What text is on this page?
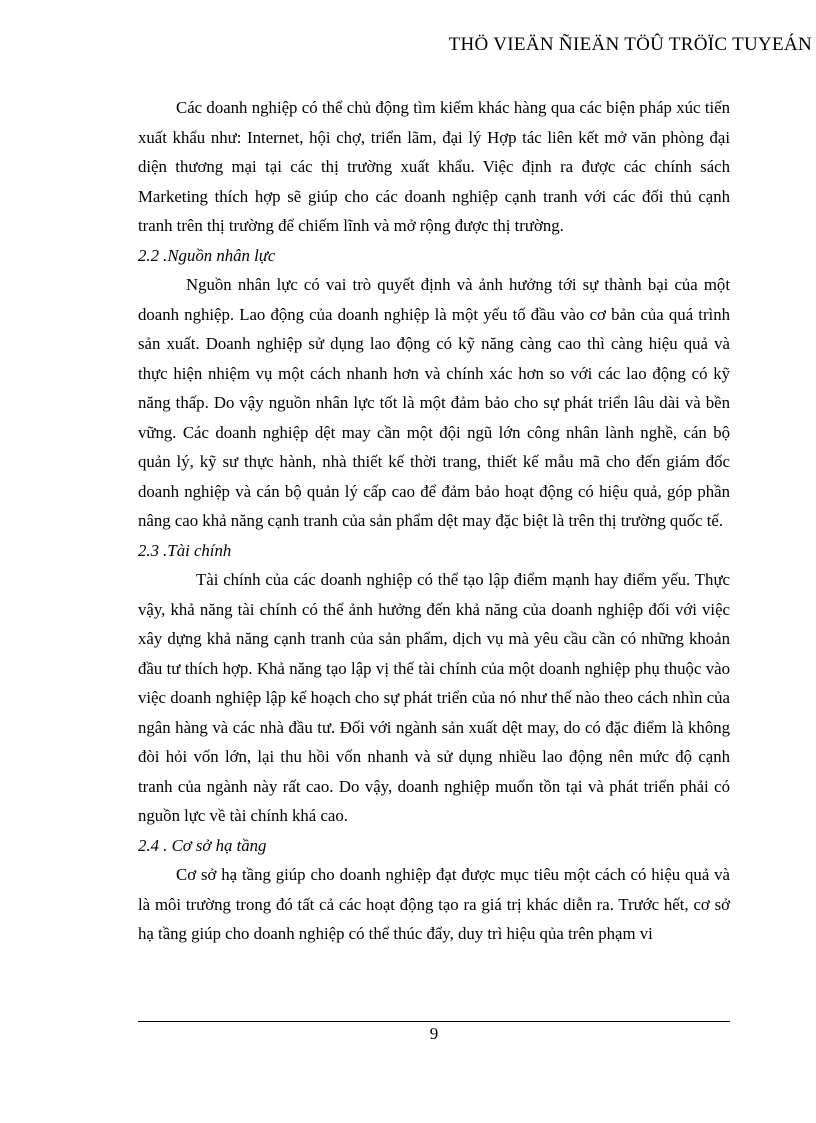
THÖ VIEÄN ÑIEÄN TÖÛ TRÖÏC TUYEÁN

Các doanh nghiệp có thể chủ động tìm kiếm khác hàng qua các biện pháp xúc tiến xuất khẩu như: Internet, hội chợ, triển lãm, đại lý Hợp tác liên kết mở văn phòng đại diện thương mại tại các thị trường xuất khẩu. Việc định ra được các chính sách Marketing thích hợp sẽ giúp cho các doanh nghiệp cạnh tranh với các đối thủ cạnh tranh trên thị trường để chiếm lĩnh và mở rộng được thị trường.

2.2 .Nguồn nhân lực

Nguồn nhân lực có vai trò quyết định và ảnh hưởng tới sự thành bại của một doanh nghiệp. Lao động của doanh nghiệp là một yếu tố đầu vào cơ bản của quá trình sản xuất. Doanh nghiệp sử dụng lao động có kỹ năng càng cao thì càng hiệu quả và thực hiện nhiệm vụ một cách nhanh hơn và chính xác hơn so với các lao động có kỹ năng thấp. Do vậy nguồn nhân lực tốt là một đảm bảo cho sự phát triển lâu dài và bền vững. Các doanh nghiệp dệt may cần một đội ngũ lớn công nhân lành nghề, cán bộ quản lý, kỹ sư thực hành, nhà thiết kế thời trang, thiết kế mẫu mã cho đến giám đốc doanh nghiệp và cán bộ quản lý cấp cao để đảm bảo hoạt động có hiệu quả, góp phần nâng cao khả năng cạnh tranh của sản phẩm dệt may đặc biệt là trên thị trường quốc tế.

2.3 .Tài chính

Tài chính của các doanh nghiệp có thể tạo lập điểm mạnh hay điểm yếu. Thực vậy, khả năng tài chính có thể ảnh hưởng đến khả năng của doanh nghiệp đối với việc xây dựng khả năng cạnh tranh của sản phẩm, dịch vụ mà yêu cầu cần có những khoản đầu tư thích hợp. Khả năng tạo lập vị thế tài chính của một doanh nghiệp phụ thuộc vào việc doanh nghiệp lập kế hoạch cho sự phát triển của nó như thế nào theo cách nhìn của ngân hàng và các nhà đầu tư. Đối với ngành sản xuất dệt may, do có đặc điểm là không đòi hỏi vốn lớn, lại thu hồi vốn nhanh và sử dụng nhiều lao động nên mức độ cạnh tranh của ngành này rất cao. Do vậy, doanh nghiệp muốn tồn tại và phát triển phải có nguồn lực về tài chính khá cao.

2.4 . Cơ sở hạ tầng

Cơ sở hạ tầng giúp cho doanh nghiệp đạt được mục tiêu một cách có hiệu quả và là môi trường trong đó tất cả các hoạt động tạo ra giá trị khác diễn ra. Trước hết, cơ sở hạ tầng giúp cho doanh nghiệp có thể thúc đẩy, duy trì hiệu qủa trên phạm vi

9
